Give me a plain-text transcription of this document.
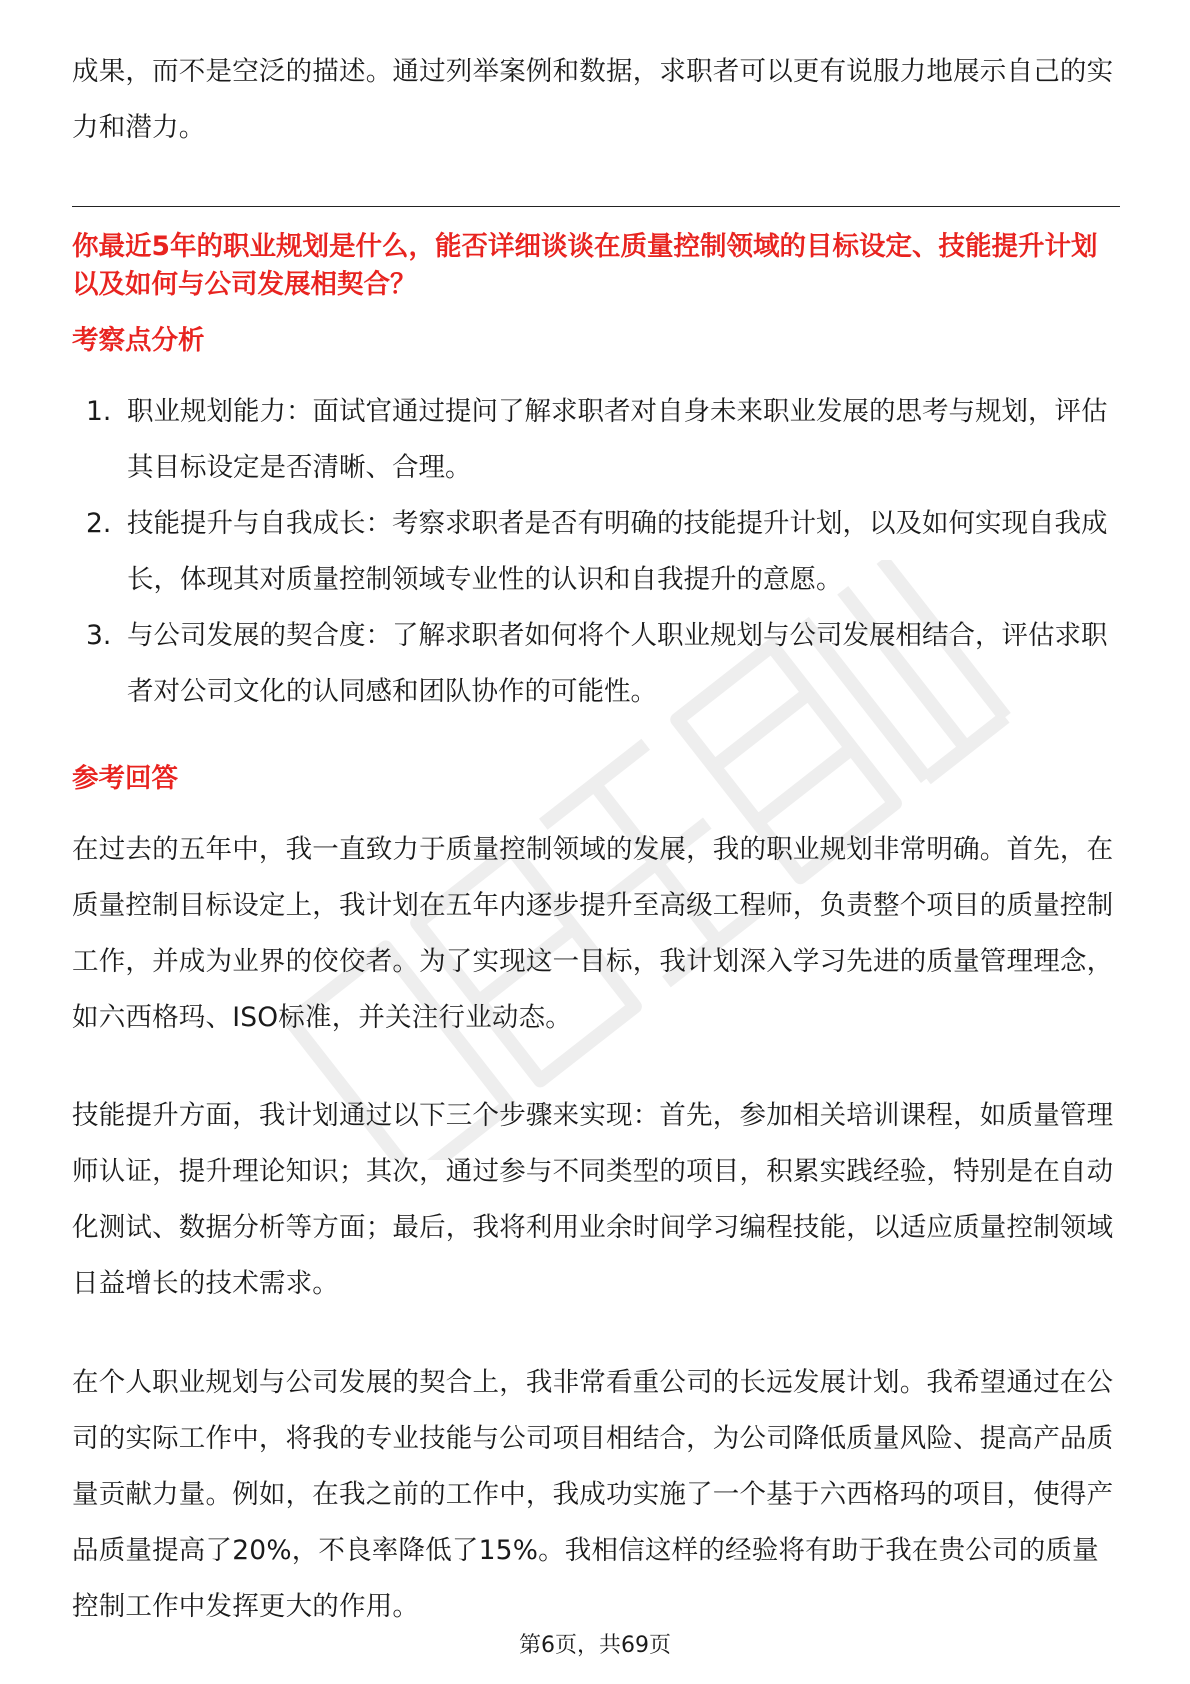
成果，而不是空泛的描述。通过列举案例和数据，求职者可以更有说服力地展示自己的实力和潜力。

你最近5年的职业规划是什么，能否详细谈谈在质量控制领域的目标设定、技能提升计划以及如何与公司发展相契合？

考察点分析

1. 职业规划能力：面试官通过提问了解求职者对自身未来职业发展的思考与规划，评估其目标设定是否清晰、合理。
2. 技能提升与自我成长：考察求职者是否有明确的技能提升计划，以及如何实现自我成长，体现其对质量控制领域专业性的认识和自我提升的意愿。
3. 与公司发展的契合度：了解求职者如何将个人职业规划与公司发展相结合，评估求职者对公司文化的认同感和团队协作的可能性。

参考回答

在过去的五年中，我一直致力于质量控制领域的发展，我的职业规划非常明确。首先，在质量控制目标设定上，我计划在五年内逐步提升至高级工程师，负责整个项目的质量控制工作，并成为业界的佼佼者。为了实现这一目标，我计划深入学习先进的质量管理理念，如六西格玛、ISO标准，并关注行业动态。

技能提升方面，我计划通过以下三个步骤来实现：首先，参加相关培训课程，如质量管理师认证，提升理论知识；其次，通过参与不同类型的项目，积累实践经验，特别是在自动化测试、数据分析等方面；最后，我将利用业余时间学习编程技能，以适应质量控制领域日益增长的技术需求。

在个人职业规划与公司发展的契合上，我非常看重公司的长远发展计划。我希望通过在公司的实际工作中，将我的专业技能与公司项目相结合，为公司降低质量风险、提高产品质量贡献力量。例如，在我之前的工作中，我成功实施了一个基于六西格玛的项目，使得产品质量提高了20%，不良率降低了15%。我相信这样的经验将有助于我在贵公司的质量控制工作中发挥更大的作用。

第6页，共69页
